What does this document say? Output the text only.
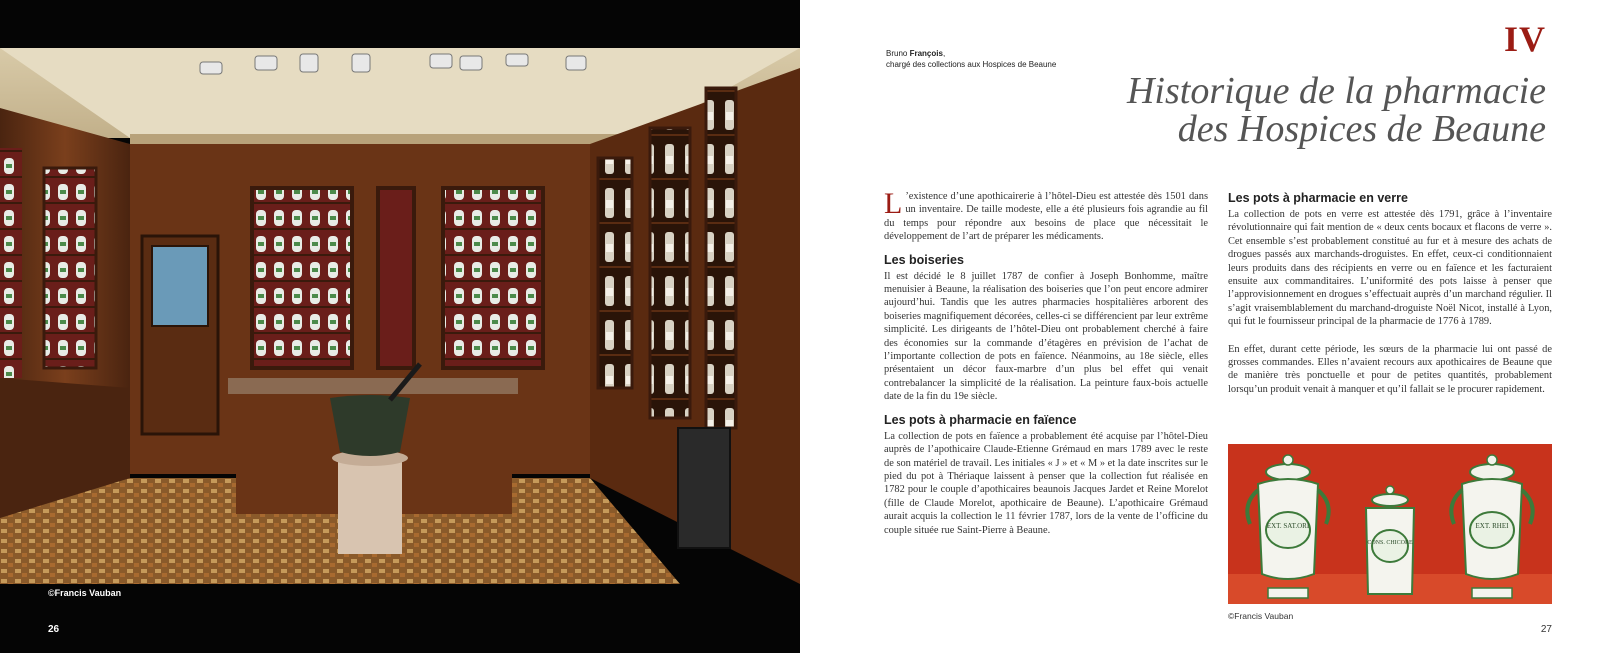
©Francis Vauban
26
IV
Bruno François,
chargé des collections aux Hospices de Beaune
Historique de la pharmacie
des Hospices de Beaune

L ’existence d’une apothicairerie à l’hôtel-Dieu est attestée dès 1501 dans un inventaire. De taille modeste, elle a été plusieurs fois agrandie au fil du temps pour répondre aux besoins de place que nécessitait le développement de l’art de préparer les médicaments.

Les boiseries

Il est décidé le 8 juillet 1787 de confier à Joseph Bonhomme, maître menuisier à Beaune, la réalisation des boiseries que l’on peut encore admirer aujourd’hui. Tandis que les autres pharmacies hospitalières arborent des boiseries magnifiquement décorées, celles-ci se différencient par leur extrême simplicité. Les dirigeants de l’hôtel-Dieu ont probablement cherché à faire des économies sur la commande d’étagères en prévision de l’achat de l’importante collection de pots en faïence. Néanmoins, au 18e siècle, elles présentaient un décor faux-marbre d’un plus bel effet qui venait contrebalancer la simplicité de la réalisation. La peinture faux-bois actuelle date de la fin du 19e siècle.

Les pots à pharmacie en faïence

La collection de pots en faïence a probablement été acquise par l’hôtel-Dieu auprès de l’apothicaire Claude-Etienne Grémaud en mars 1789 avec le reste de son matériel de travail. Les initiales « J » et « M » et la date inscrites sur le pied du pot à Thériaque laissent à penser que la collection fut réalisée en 1782 pour le couple d’apothicaires beaunois Jacques Jardet et Reine Morelot (fille de Claude Morelot, apothicaire de Beaune). L’apothicaire Grémaud aurait acquis la collection le 11 février 1787, lors de la vente de l’officine du couple située rue Saint-Pierre à Beaune.

Les pots à pharmacie en verre

La collection de pots en verre est attestée dès 1791, grâce à l’inventaire révolutionnaire qui fait mention de « deux cents bocaux et flacons de verre ». Cet ensemble s’est probablement constitué au fur et à mesure des achats de drogues passés aux marchands-droguistes. En effet, ceux-ci conditionnaient leurs produits dans des récipients en verre ou en faïence et les facturaient ensuite aux commanditaires. L’uniformité des pots laisse à penser que l’approvisionnement en drogues s’effectuait auprès d’un marchand régulier. Il s’agit vraisemblablement du marchand-droguiste Noël Nicot, installé à Lyon, qui fut le fournisseur principal de la pharmacie de 1776 à 1789.

En effet, durant cette période, les sœurs de la pharmacie lui ont passé de grosses commandes. Elles n’avaient recours aux apothicaires de Beaune que de manière très ponctuelle et pour de petites quantités, probablement lorsqu’un produit venait à manquer et qu’il fallait se le procurer rapidement.

EXT. SAT.ORI
CONS. CHICORE
EXT. RHEI
©Francis Vauban
27
